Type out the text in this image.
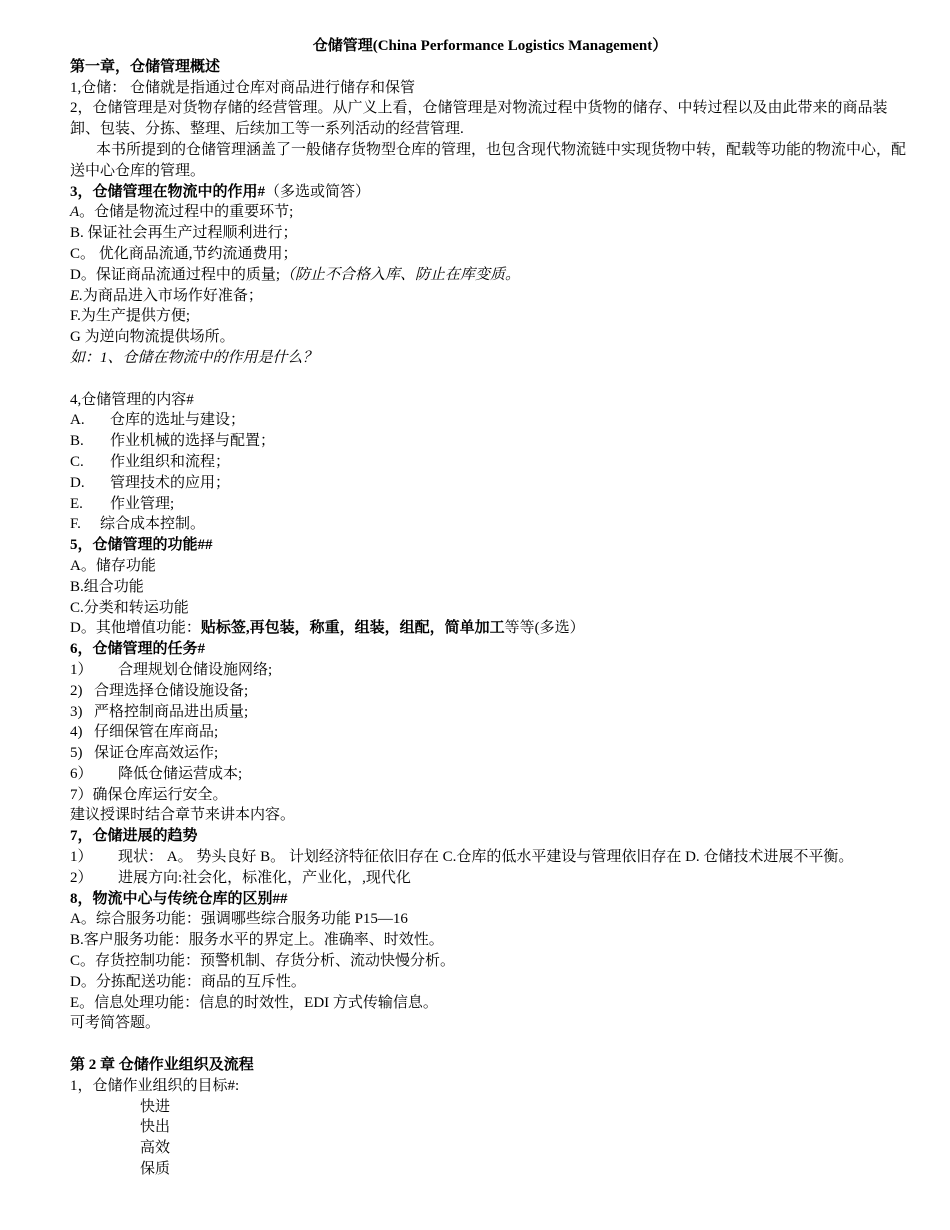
仓储管理(China Performance Logistics Management）
第一章，仓储管理概述
1,仓储： 仓储就是指通过仓库对商品进行储存和保管
2，仓储管理是对货物存储的经营管理。从广义上看，仓储管理是对物流过程中货物的储存、中转过程以及由此带来的商品装卸、包装、分拣、整理、后续加工等一系列活动的经营管理.
本书所提到的仓储管理涵盖了一般储存货物型仓库的管理，也包含现代物流链中实现货物中转，配载等功能的物流中心，配送中心仓库的管理。
3，仓储管理在物流中的作用#（多选或简答）
A。仓储是物流过程中的重要环节;
B. 保证社会再生产过程顺利进行；
C。 优化商品流通,节约流通费用；
D。保证商品流通过程中的质量;（防止不合格入库、防止在库变质。
E.为商品进入市场作好准备；
F.为生产提供方便;
G 为逆向物流提供场所。
如：1、仓储在物流中的作用是什么？
4,仓储管理的内容#
A.	仓库的选址与建设；
B.	作业机械的选择与配置；
C.	作业组织和流程；
D.	管理技术的应用；
E.	作业管理;
F.	综合成本控制。
5，仓储管理的功能##
A。储存功能
B.组合功能
C.分类和转运功能
D。其他增值功能：贴标签,再包装，称重，组装，组配，简单加工等等(多选）
6，仓储管理的任务#
1）	合理规划仓储设施网络;
2) 合理选择仓储设施设备;
3) 严格控制商品进出质量;
4) 仔细保管在库商品;
5) 保证仓库高效运作;
6）	降低仓储运营成本;
7）确保仓库运行安全。
建议授课时结合章节来讲本内容。
7，仓储进展的趋势
1） 现状： A。 势头良好 B。 计划经济特征依旧存在 C.仓库的低水平建设与管理依旧存在 D. 仓储技术进展不平衡。
2） 进展方向:社会化，标准化，产业化，,现代化
8，物流中心与传统仓库的区别##
A。综合服务功能：强调哪些综合服务功能 P15—16
B.客户服务功能：服务水平的界定上。准确率、时效性。
C。存货控制功能：预警机制、存货分析、流动快慢分析。
D。分拣配送功能：商品的互斥性。
E。信息处理功能：信息的时效性，EDI 方式传输信息。
可考简答题。
第 2 章 仓储作业组织及流程
1，仓储作业组织的目标#:
快进
快出
高效
保质
